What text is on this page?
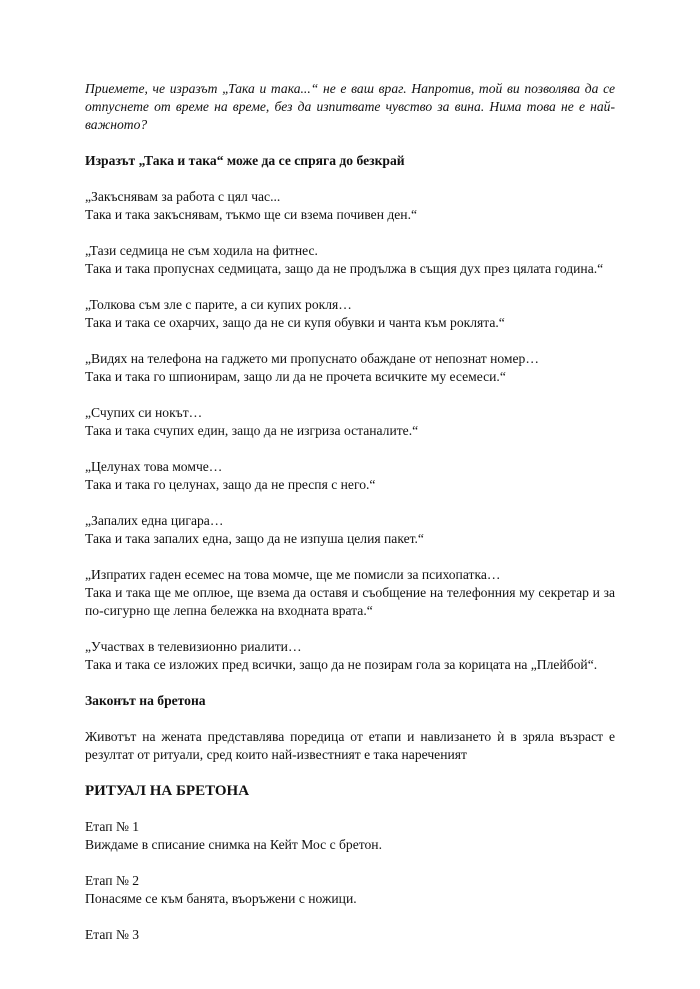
Приемете, че изразът „Така и така...“ не е ваш враг. Напротив, той ви позволява да се отпуснете от време на време, без да изпитвате чувство за вина. Нима това не е най-важното?

Изразът „Така и така“ може да се спряга до безкрай

„Закъснявам за работа с цял час...
Така и така закъснявам, тъкмо ще си взема почивен ден.“
„Тази седмица не съм ходила на фитнес.
Така и така пропуснах седмицата, защо да не продължа в същия дух през цялата година.“
„Толкова съм зле с парите, а си купих рокля…
Така и така се охарчих, защо да не си купя обувки и чанта към роклята.“
„Видях на телефона на гаджето ми пропуснато обаждане от непознат номер…
Така и така го шпионирам, защо ли да не прочета всичките му есемеси.“
„Счупих си нокът…
Така и така счупих един, защо да не изгриза останалите.“
„Целунах това момче…
Така и така го целунах, защо да не преспя с него.“
„Запалих една цигара…
Така и така запалих една, защо да не изпуша целия пакет.“
„Изпратих гаден есемес на това момче, ще ме помисли за психопатка…
Така и така ще ме оплюе, ще взема да оставя и съобщение на телефонния му секретар и за по-сигурно ще лепна бележка на входната врата.“
„Участвах в телевизионно риалити…
Така и така се изложих пред всички, защо да не позирам гола за корицата на „Плейбой“.

Законът на бретона

Животът на жената представлява поредица от етапи и навлизането ѝ в зряла възраст е резултат от ритуали, сред които най-известният е така нареченият

РИТУАЛ НА БРЕТОНА

Етап № 1
Виждаме в списание снимка на Кейт Мос с бретон.
Етап № 2
Понасяме се към банята, въоръжени с ножици.
Етап № 3
